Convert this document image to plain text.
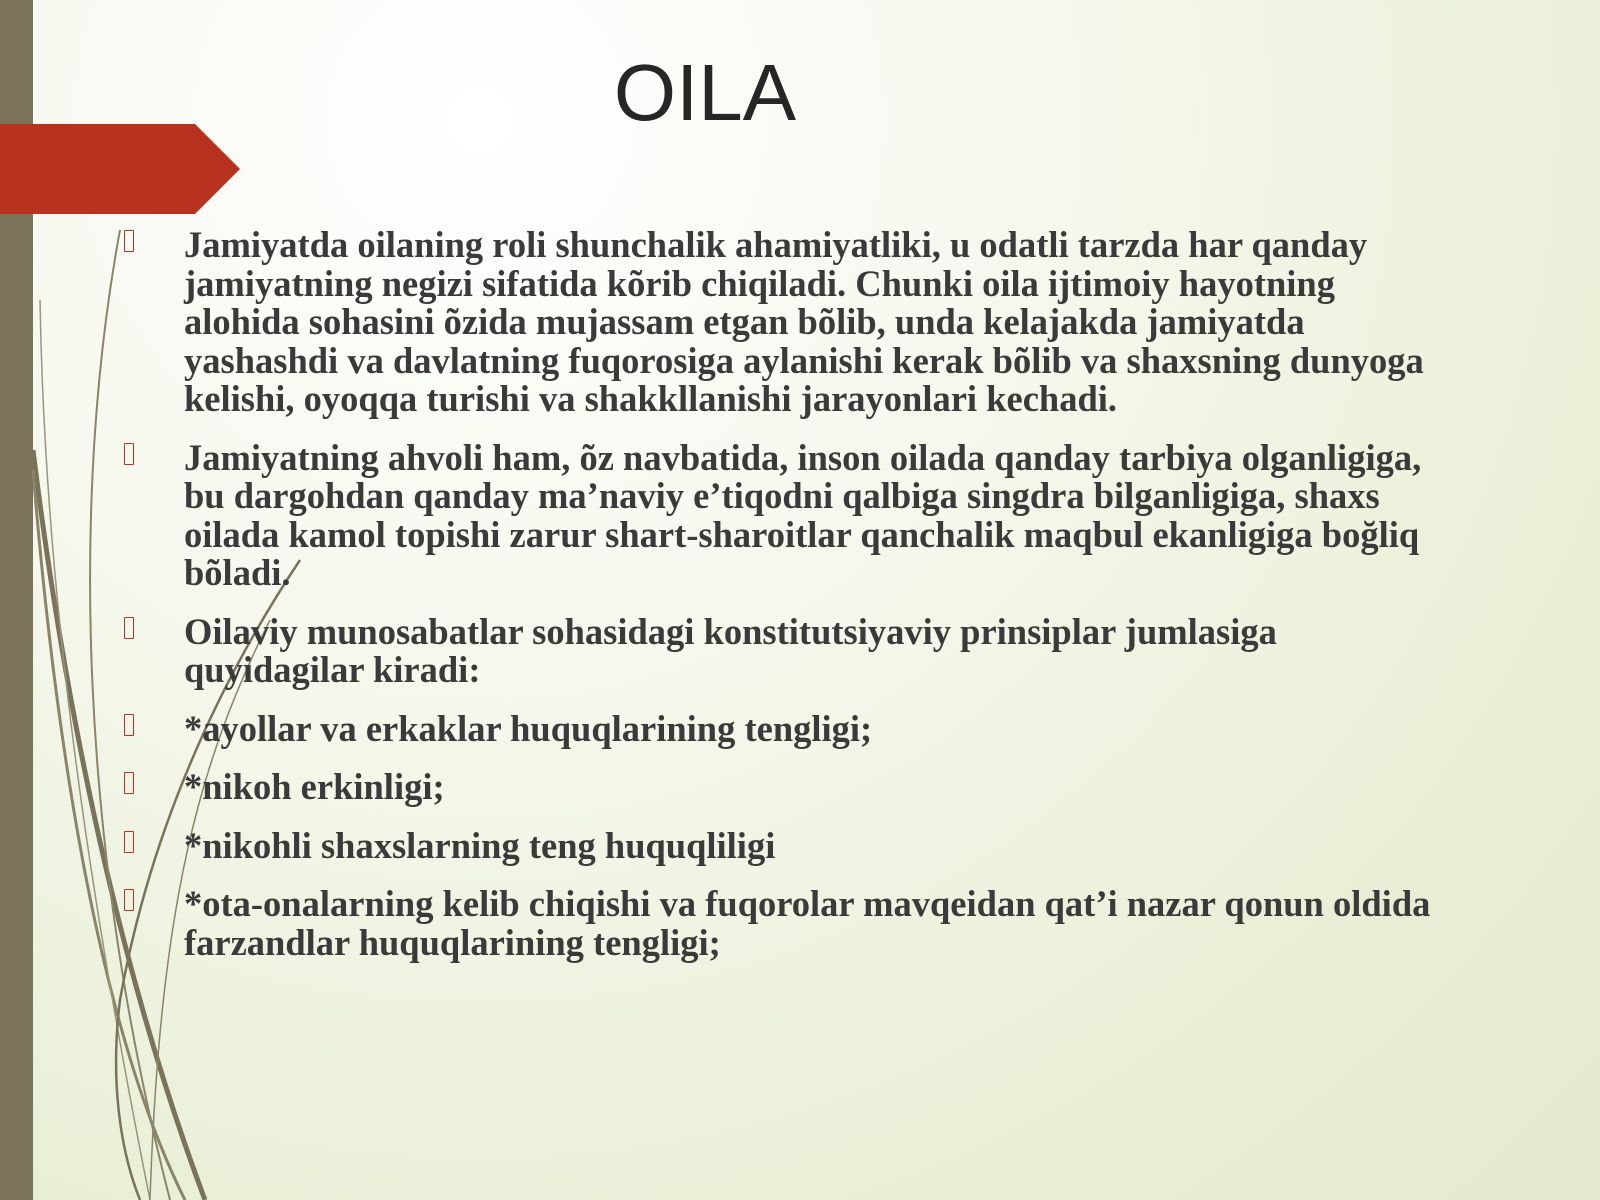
OILA
Jamiyatda oilaning roli shunchalik ahamiyatliki, u odatli tarzda har qanday jamiyatning negizi sifatida kõrib chiqiladi. Chunki oila ijtimoiy hayotning alohida sohasini õzida mujassam etgan bõlib, unda kelajakda jamiyatda yashashdi va davlatning fuqorosiga aylanishi kerak bõlib va shaxsning dunyoga kelishi, oyoqqa turishi va shakkllanishi jarayonlari kechadi.
Jamiyatning ahvoli ham, õz navbatida, inson oilada qanday tarbiya olganligiga, bu dargohdan qanday ma’naviy e’tiqodni qalbiga singdra bilganligiga, shaxs oilada kamol topishi zarur shart-sharoitlar qanchalik maqbul ekanligiga boğliq bõladi.
Oilaviy munosabatlar sohasidagi konstitutsiyaviy prinsiplar jumlasiga quyidagilar kiradi:
*ayollar va erkaklar huquqlarining tengligi;
*nikoh erkinligi;
*nikohli shaxslarning teng huquqliligi
*ota-onalarning kelib chiqishi va fuqorolar mavqeidan qat’i nazar qonun oldida farzandlar huquqlarining tengligi;
